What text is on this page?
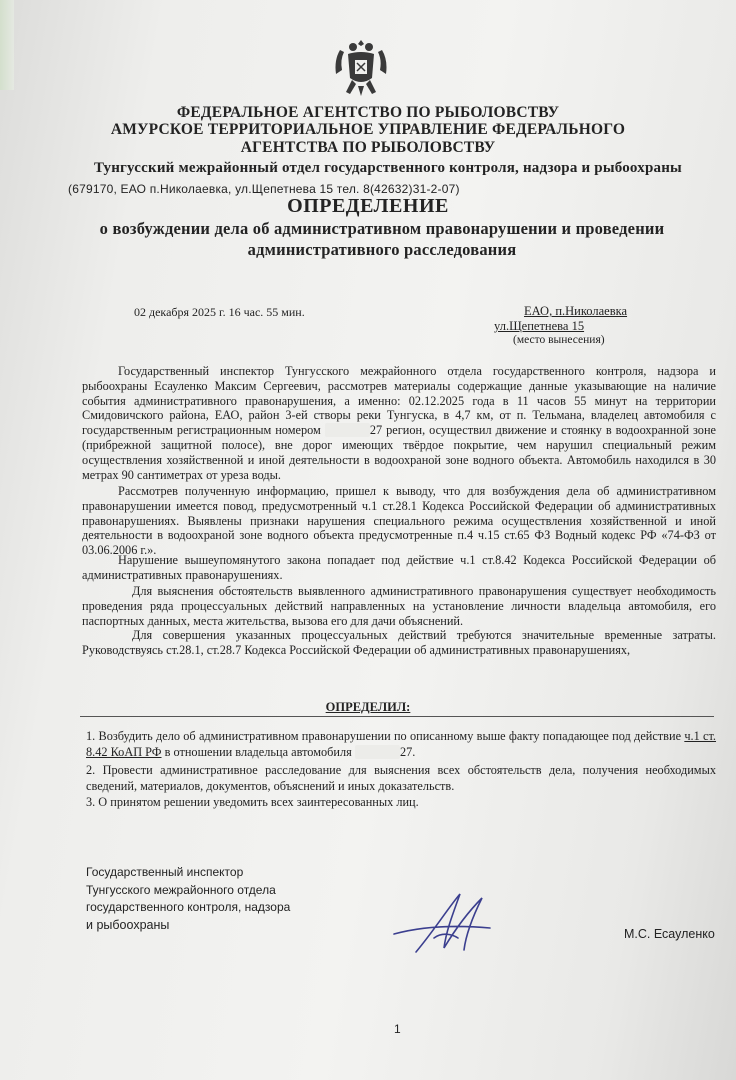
ФЕДЕРАЛЬНОЕ АГЕНТСТВО ПО РЫБОЛОВСТВУ
АМУРСКОЕ ТЕРРИТОРИАЛЬНОЕ УПРАВЛЕНИЕ ФЕДЕРАЛЬНОГО
АГЕНТСТВА ПО РЫБОЛОВСТВУ
Тунгусский межрайонный отдел государственного контроля, надзора и рыбоохраны
(679170, ЕАО п.Николаевка, ул.Щепетнева 15 тел. 8(42632)31-2-07)
ОПРЕДЕЛЕНИЕ
о возбуждении дела об административном правонарушении и проведении
административного расследования
02 декабря 2025 г. 16 час. 55 мин.	ЕАО, п.Николаевка
ул.Щепетнева 15
(место вынесения)

Государственный инспектор Тунгусского межрайонного отдела государственного контроля, надзора и рыбоохраны Есауленко Максим Сергеевич, рассмотрев материалы содержащие данные указывающие на наличие события административного правонарушения, а именно: 02.12.2025 года в 11 часов 55 минут на территории Смидовичского района, ЕАО, район 3-ей створы реки Тунгуска, в 4,7 км, от п. Тельмана, владелец автомобиля с государственным регистрационным номером	27 регион, осуществил движение и стоянку в водоохранной зоне (прибрежной защитной полосе), вне дорог имеющих твёрдое покрытие, чем нарушил специальный режим осуществления хозяйственной и иной деятельности в водоохраной зоне водного объекта. Автомобиль находился в 30 метрах 90 сантиметрах от уреза воды.

Рассмотрев полученную информацию, пришел к выводу, что для возбуждения дела об административном правонарушении имеется повод, предусмотренный ч.1 ст.28.1 Кодекса Российской Федерации об административных правонарушениях. Выявлены признаки нарушения специального режима осуществления хозяйственной и иной деятельности в водоохраной зоне водного объекта предусмотренные п.4 ч.15 ст.65 ФЗ Водный кодекс РФ «74-ФЗ от 03.06.2006 г.».

Нарушение вышеупомянутого закона попадает под действие ч.1 ст.8.42 Кодекса Российской Федерации об административных правонарушениях.

Для выяснения обстоятельств выявленного административного правонарушения существует необходимость проведения ряда процессуальных действий направленных на установление личности владельца автомобиля, его паспортных данных, места жительства, вызова его для дачи объяснений.

Для совершения указанных процессуальных действий требуются значительные временные затраты. Руководствуясь ст.28.1, ст.28.7 Кодекса Российской Федерации об административных правонарушениях,

ОПРЕДЕЛИЛ:

1. Возбудить дело об административном правонарушении по описанному выше факту попадающее под действие ч.1 ст. 8.42 КоАП РФ в отношении владельца автомобиля	27.

2. Провести административное расследование для выяснения всех обстоятельств дела, получения необходимых сведений, материалов, документов, объяснений и иных доказательств.

3. О принятом решении уведомить всех заинтересованных лиц.

Государственный инспектор
Тунгусского межрайонного отдела
государственного контроля, надзора
и рыбоохраны
М.С. Есауленко
1
